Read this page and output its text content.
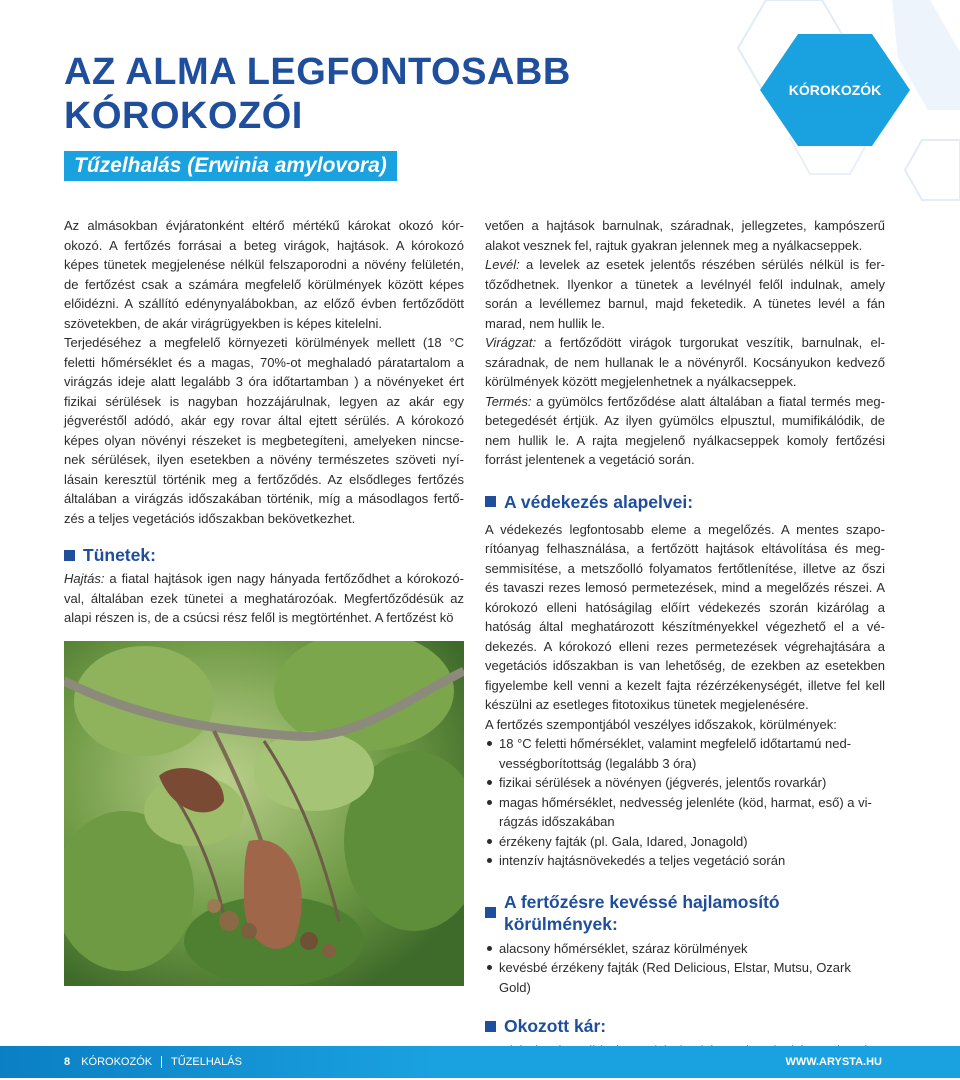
KÓROKOZÓK
AZ ALMA LEGFONTOSABB
KÓROKOZÓI
Tűzelhalás (Erwinia amylovora)

Az almásokban évjáratonként eltérő mértékű károkat okozó kórokozó. A fertőzés forrásai a beteg virágok, hajtások. A kórokozó képes tünetek megjelenése nélkül felszaporodni a növény felületén, de fertőzést csak a számára megfelelő körülmények között képes előidézni. A szállító edénynyalábokban, az előző évben fertőződött szövetekben, de akár virágrügyekben is képes kitelelni.

Terjedéséhez a megfelelő környezeti körülmények mellett (18 °C feletti hőmérséklet és a magas, 70%-ot meghaladó páratartalom a virágzás ideje alatt legalább 3 óra időtartamban ) a növényeket ért fizikai sérülések is nagyban hozzájárulnak, legyen az akár egy jégveréstől adódó, akár egy rovar által ejtett sérülés. A kórokozó képes olyan növényi részeket is megbetegíteni, amelyeken nincsenek sérülések, ilyen esetekben a növény természetes szöveti nyílásain keresztül történik meg a fertőződés. Az elsődleges fertőzés általában a virágzás időszakában történik, míg a másodlagos fertőzés a teljes vegetációs időszakban bekövetkezhet.

Tünetek:

Hajtás: a fiatal hajtások igen nagy hányada fertőződhet a kórokozóval, általában ezek tünetei a meghatározóak. Megfertőződésük az alapi részen is, de a csúcsi rész felől is megtörténhet. A fertőzést kö

vetően a hajtások barnulnak, száradnak, jellegzetes, kampószerű alakot vesznek fel, rajtuk gyakran jelennek meg a nyálkacseppek.

Levél: a levelek az esetek jelentős részében sérülés nélkül is fertőződhetnek. Ilyenkor a tünetek a levélnyél felől indulnak, amely során a levéllemez barnul, majd feketedik. A tünetes levél a fán marad, nem hullik le.

Virágzat: a fertőződött virágok turgorukat veszítik, barnulnak, elszáradnak, de nem hullanak le a növényről. Kocsányukon kedvező körülmények között megjelenhetnek a nyálkacseppek.

Termés: a gyümölcs fertőződése alatt általában a fiatal termés megbetegedését értjük. Az ilyen gyümölcs elpusztul, mumifikálódik, de nem hullik le. A rajta megjelenő nyálkacseppek komoly fertőzési forrást jelentenek a vegetáció során.

A védekezés alapelvei:

A védekezés legfontosabb eleme a megelőzés. A mentes szaporítóanyag felhasználása, a fertőzött hajtások eltávolítása és megsemmisítése, a metszőolló folyamatos fertőtlenítése, illetve az őszi és tavaszi rezes lemosó permetezések, mind a megelőzés részei. A kórokozó elleni hatóságilag előírt védekezés szorán kizárólag a hatóság által meghatározott készítményekkel végezhető el a védekezés. A kórokozó elleni rezes permetezések végrehajtására a vegetációs időszakban is van lehetőség, de ezekben az esetekben figyelembe kell venni a kezelt fajta rézérzékenységét, illetve fel kell készülni az esetleges fitotoxikus tünetek megjelenésére.

A fertőzés szempontjából veszélyes időszakok, körülmények:

18 °C feletti hőmérséklet, valamint megfelelő időtartamú nedvességborítottság (legalább 3 óra)
fizikai sérülések a növényen (jégverés, jelentős rovarkár)
magas hőmérséklet, nedvesség jelenléte (köd, harmat, eső) a virágzás időszakában
érzékeny fajták (pl. Gala, Idared, Jonagold)
intenzív hajtásnövekedés a teljes vegetáció során
A fertőzésre kevéssé hajlamosító körülmények:
alacsony hőmérséklet, száraz körülmények
kevésbé érzékeny fajták (Red Delicious, Elstar, Mutsu, Ozark Gold)
Okozott kár:
8 KÓROKOZÓK TŰZELHALÁS	WWW.ARYSTA.HU
